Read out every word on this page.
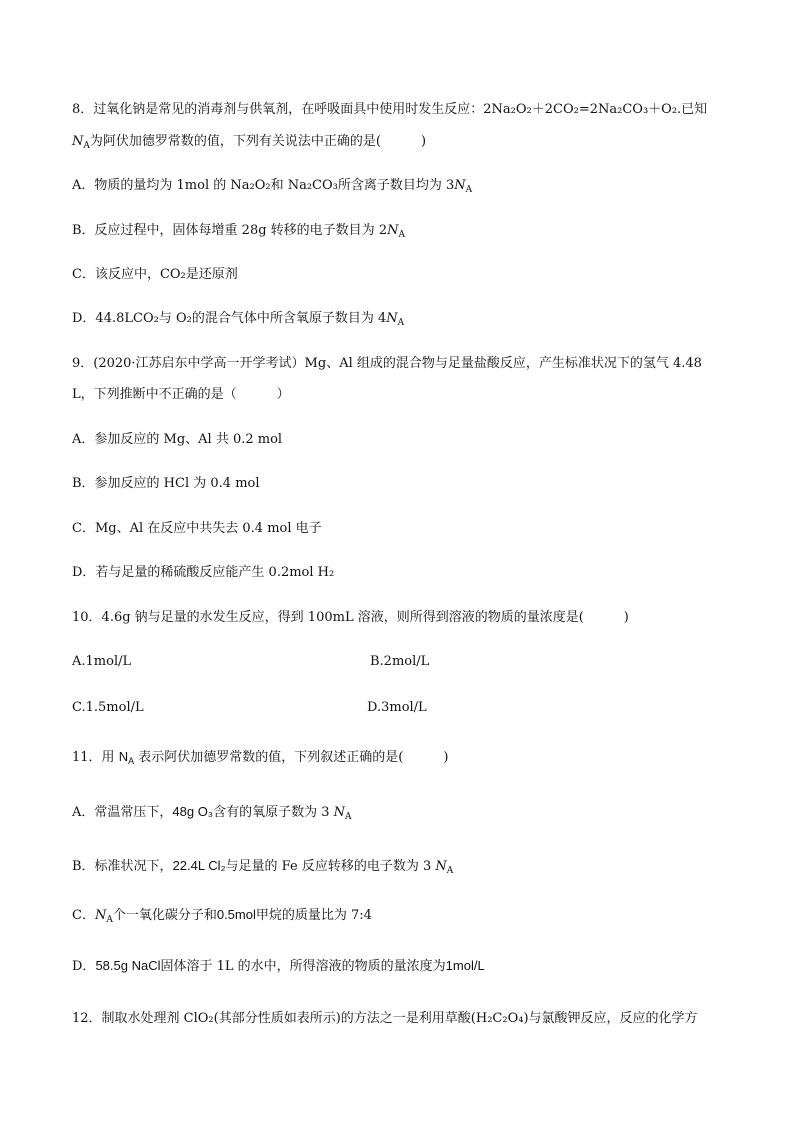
8．过氧化钠是常见的消毒剂与供氧剂，在呼吸面具中使用时发生反应：2Na₂O₂＋2CO₂=2Na₂CO₃＋O₂.已知
$N_A$为阿伏加德罗常数的值，下列有关说法中正确的是(	)
A．物质的量均为 1mol 的 Na₂O₂和 Na₂CO₃所含离子数目均为 $3N_A$
B．反应过程中，固体每增重 28g 转移的电子数目为 $2N_A$
C．该反应中，CO₂是还原剂
D．44.8LCO₂与 O₂的混合气体中所含氧原子数目为 $4N_A$
9．(2020·江苏启东中学高一开学考试）Mg、Al 组成的混合物与足量盐酸反应，产生标准状况下的氢气 4.48
L，下列推断中不正确的是（	）
A．参加反应的 Mg、Al 共 0.2 mol
B．参加反应的 HCl 为 0.4 mol
C．Mg、Al 在反应中共失去 0.4 mol 电子
D．若与足量的稀硫酸反应能产生 0.2mol H₂
10．4.6g 钠与足量的水发生反应，得到 100mL 溶液，则所得到溶液的物质的量浓度是(	)
A.1mol/L	B.2mol/L
C.1.5mol/L	D.3mol/L
11．用 $N_A$ 表示阿伏加德罗常数的值，下列叙述正确的是(	)
A．常温常压下，48g O₃含有的氧原子数为 3 $N_A$
B．标准状况下，22.4L Cl₂与足量的 Fe 反应转移的电子数为 3 $N_A$
C．$N_A$个一氧化碳分子和0.5mol甲烷的质量比为 7:4
D．58.5g NaCl固体溶于 1L 的水中，所得溶液的物质的量浓度为1mol/L
12．制取水处理剂 ClO₂(其部分性质如表所示)的方法之一是利用草酸(H₂C₂O₄)与氯酸钾反应，反应的化学方
